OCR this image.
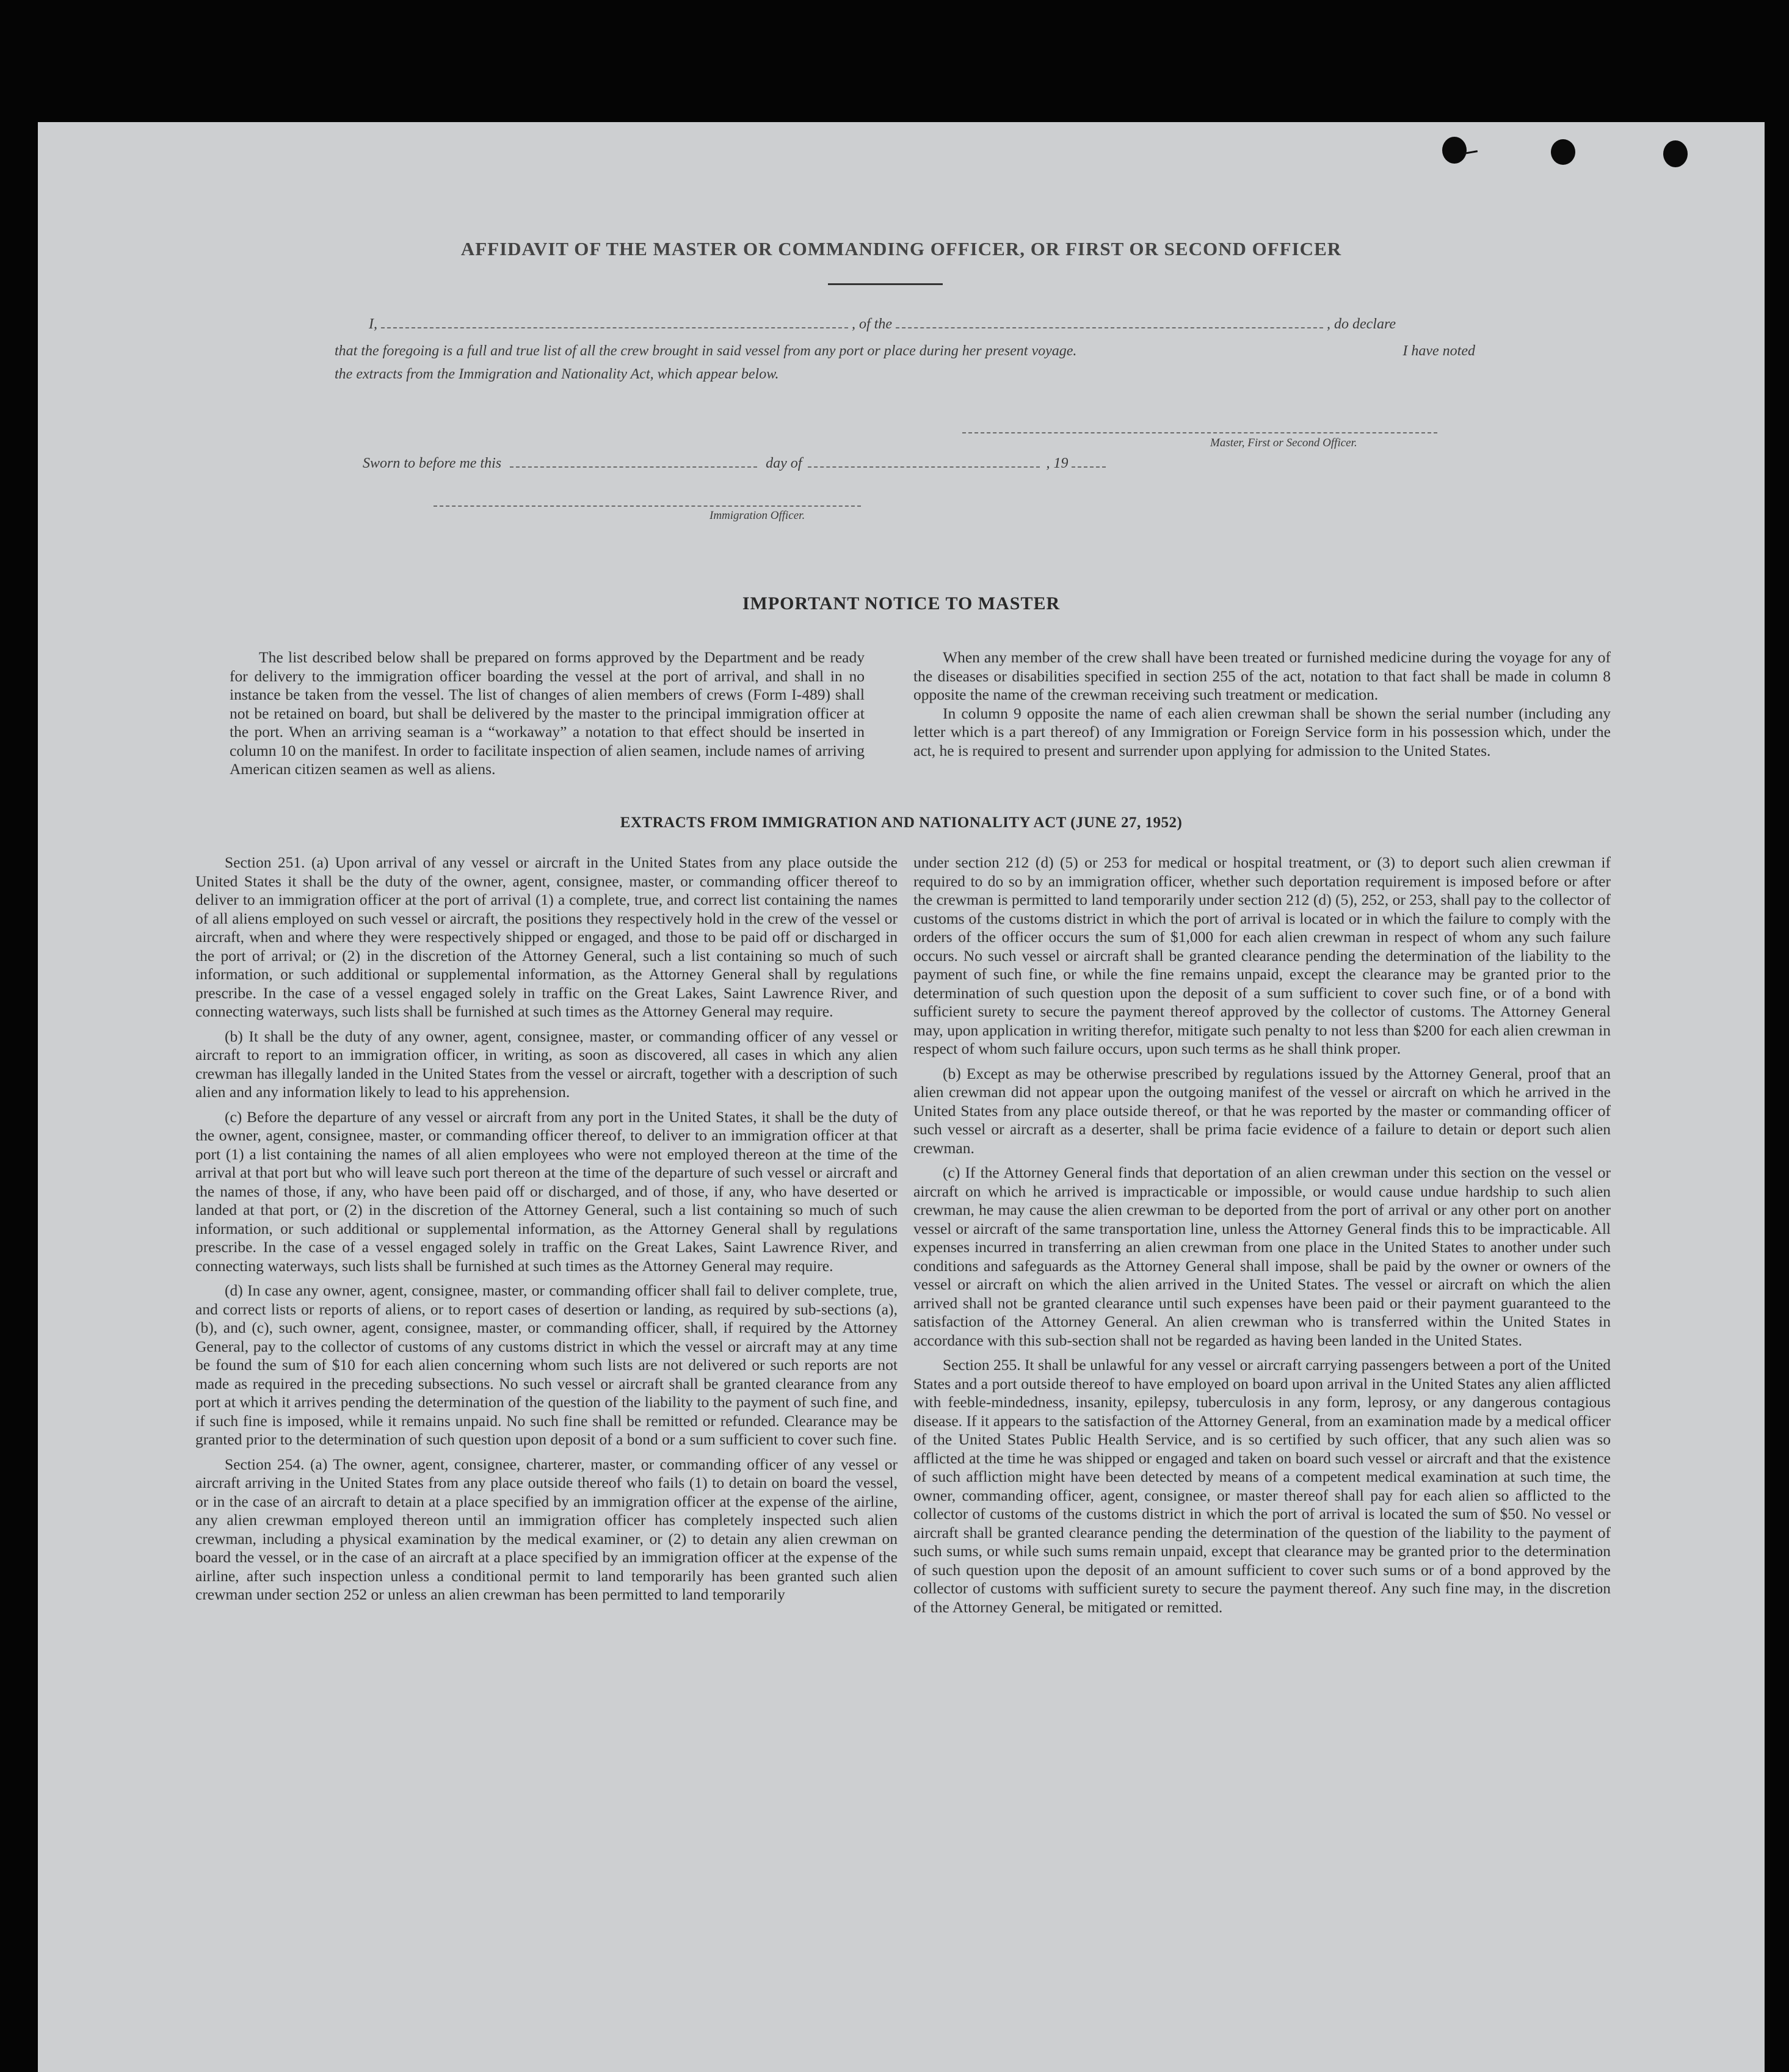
AFFIDAVIT OF THE MASTER OR COMMANDING OFFICER, OR FIRST OR SECOND OFFICER
I,	, of the	, do declare
that the foregoing is a full and true list of all the crew brought in said vessel from any port or place during her present voyage.	I have noted
the extracts from the Immigration and Nationality Act, which appear below.
Master, First or Second Officer.
Sworn to before me this	day of	, 19
Immigration Officer.
IMPORTANT NOTICE TO MASTER

The list described below shall be prepared on forms approved by the Department and be ready for delivery to the immigration officer boarding the vessel at the port of arrival, and shall in no instance be taken from the vessel. The list of changes of alien members of crews (Form I-489) shall not be retained on board, but shall be delivered by the master to the principal immigration officer at the port. When an arriving seaman is a “workaway” a notation to that effect should be inserted in column 10 on the manifest. In order to facilitate inspection of alien seamen, include names of arriving American citizen seamen as well as aliens.

When any member of the crew shall have been treated or furnished medicine during the voyage for any of the diseases or disabilities specified in section 255 of the act, notation to that fact shall be made in column 8 opposite the name of the crewman receiving such treatment or medication.

In column 9 opposite the name of each alien crewman shall be shown the serial number (including any letter which is a part thereof) of any Immigration or Foreign Service form in his possession which, under the act, he is required to present and surrender upon applying for admission to the United States.

EXTRACTS FROM IMMIGRATION AND NATIONALITY ACT (JUNE 27, 1952)

Section 251. (a) Upon arrival of any vessel or aircraft in the United States from any place outside the United States it shall be the duty of the owner, agent, consignee, master, or commanding officer thereof to deliver to an immigration officer at the port of arrival (1) a complete, true, and correct list containing the names of all aliens employed on such vessel or aircraft, the positions they respectively hold in the crew of the vessel or aircraft, when and where they were respectively shipped or engaged, and those to be paid off or discharged in the port of arrival; or (2) in the discretion of the Attorney General, such a list containing so much of such information, or such additional or supplemental information, as the Attorney General shall by regulations prescribe. In the case of a vessel engaged solely in traffic on the Great Lakes, Saint Lawrence River, and connecting waterways, such lists shall be furnished at such times as the Attorney General may require.

(b) It shall be the duty of any owner, agent, consignee, master, or commanding officer of any vessel or aircraft to report to an immigration officer, in writing, as soon as discovered, all cases in which any alien crewman has illegally landed in the United States from the vessel or aircraft, together with a description of such alien and any information likely to lead to his apprehension.

(c) Before the departure of any vessel or aircraft from any port in the United States, it shall be the duty of the owner, agent, consignee, master, or commanding officer thereof, to deliver to an immigration officer at that port (1) a list containing the names of all alien employees who were not employed thereon at the time of the arrival at that port but who will leave such port thereon at the time of the departure of such vessel or aircraft and the names of those, if any, who have been paid off or discharged, and of those, if any, who have deserted or landed at that port, or (2) in the discretion of the Attorney General, such a list containing so much of such information, or such additional or supplemental information, as the Attorney General shall by regulations prescribe. In the case of a vessel engaged solely in traffic on the Great Lakes, Saint Lawrence River, and connecting waterways, such lists shall be furnished at such times as the Attorney General may require.

(d) In case any owner, agent, consignee, master, or commanding officer shall fail to deliver complete, true, and correct lists or reports of aliens, or to report cases of desertion or landing, as required by sub-sections (a), (b), and (c), such owner, agent, consignee, master, or commanding officer, shall, if required by the Attorney General, pay to the collector of customs of any customs district in which the vessel or aircraft may at any time be found the sum of $10 for each alien concerning whom such lists are not delivered or such reports are not made as required in the preceding subsections. No such vessel or aircraft shall be granted clearance from any port at which it arrives pending the determination of the question of the liability to the payment of such fine, and if such fine is imposed, while it remains unpaid. No such fine shall be remitted or refunded. Clearance may be granted prior to the determination of such question upon deposit of a bond or a sum sufficient to cover such fine.

Section 254. (a) The owner, agent, consignee, charterer, master, or commanding officer of any vessel or aircraft arriving in the United States from any place outside thereof who fails (1) to detain on board the vessel, or in the case of an aircraft to detain at a place specified by an immigration officer at the expense of the airline, any alien crewman employed thereon until an immigration officer has completely inspected such alien crewman, including a physical examination by the medical examiner, or (2) to detain any alien crewman on board the vessel, or in the case of an aircraft at a place specified by an immigration officer at the expense of the airline, after such inspection unless a conditional permit to land temporarily has been granted such alien crewman under section 252 or unless an alien crewman has been permitted to land temporarily

under section 212 (d) (5) or 253 for medical or hospital treatment, or (3) to deport such alien crewman if required to do so by an immigration officer, whether such deportation requirement is imposed before or after the crewman is permitted to land temporarily under section 212 (d) (5), 252, or 253, shall pay to the collector of customs of the customs district in which the port of arrival is located or in which the failure to comply with the orders of the officer occurs the sum of $1,000 for each alien crewman in respect of whom any such failure occurs. No such vessel or aircraft shall be granted clearance pending the determination of the liability to the payment of such fine, or while the fine remains unpaid, except the clearance may be granted prior to the determination of such question upon the deposit of a sum sufficient to cover such fine, or of a bond with sufficient surety to secure the payment thereof approved by the collector of customs. The Attorney General may, upon application in writing therefor, mitigate such penalty to not less than $200 for each alien crewman in respect of whom such failure occurs, upon such terms as he shall think proper.

(b) Except as may be otherwise prescribed by regulations issued by the Attorney General, proof that an alien crewman did not appear upon the outgoing manifest of the vessel or aircraft on which he arrived in the United States from any place outside thereof, or that he was reported by the master or commanding officer of such vessel or aircraft as a deserter, shall be prima facie evidence of a failure to detain or deport such alien crewman.

(c) If the Attorney General finds that deportation of an alien crewman under this section on the vessel or aircraft on which he arrived is impracticable or impossible, or would cause undue hardship to such alien crewman, he may cause the alien crewman to be deported from the port of arrival or any other port on another vessel or aircraft of the same transportation line, unless the Attorney General finds this to be impracticable. All expenses incurred in transferring an alien crewman from one place in the United States to another under such conditions and safeguards as the Attorney General shall impose, shall be paid by the owner or owners of the vessel or aircraft on which the alien arrived in the United States. The vessel or aircraft on which the alien arrived shall not be granted clearance until such expenses have been paid or their payment guaranteed to the satisfaction of the Attorney General. An alien crewman who is transferred within the United States in accordance with this sub-section shall not be regarded as having been landed in the United States.

Section 255. It shall be unlawful for any vessel or aircraft carrying passengers between a port of the United States and a port outside thereof to have employed on board upon arrival in the United States any alien afflicted with feeble-mindedness, insanity, epilepsy, tuberculosis in any form, leprosy, or any dangerous contagious disease. If it appears to the satisfaction of the Attorney General, from an examination made by a medical officer of the United States Public Health Service, and is so certified by such officer, that any such alien was so afflicted at the time he was shipped or engaged and taken on board such vessel or aircraft and that the existence of such affliction might have been detected by means of a competent medical examination at such time, the owner, commanding officer, agent, consignee, or master thereof shall pay for each alien so afflicted to the collector of customs of the customs district in which the port of arrival is located the sum of $50. No vessel or aircraft shall be granted clearance pending the determination of the question of the liability to the payment of such sums, or while such sums remain unpaid, except that clearance may be granted prior to the determination of such question upon the deposit of an amount sufficient to cover such sums or of a bond approved by the collector of customs with sufficient surety to secure the payment thereof. Any such fine may, in the discretion of the Attorney General, be mitigated or remitted.
